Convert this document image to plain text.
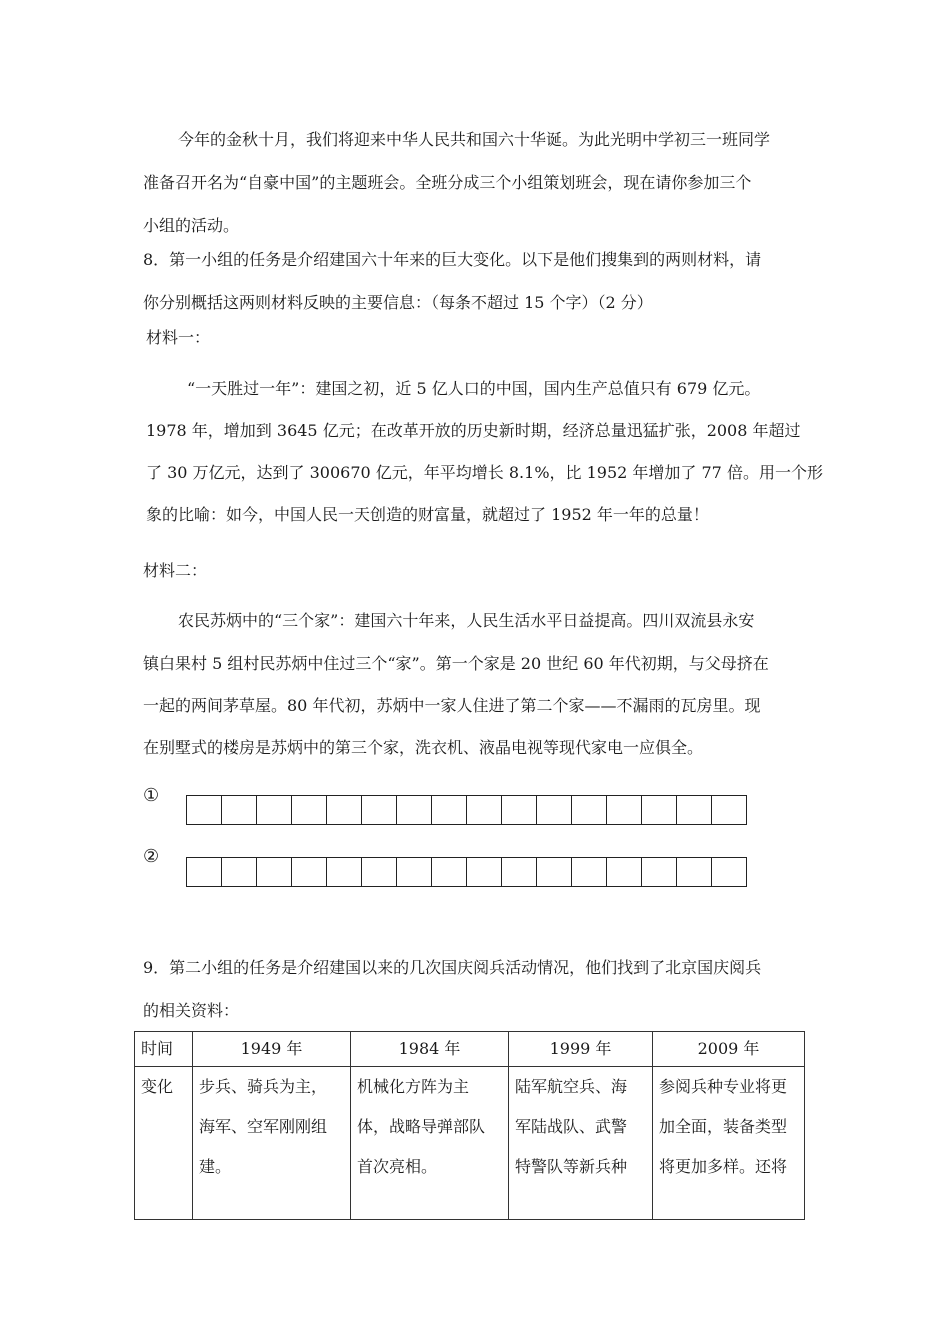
今年的金秋十月，我们将迎来中华人民共和国六十华诞。为此光明中学初三一班同学
准备召开名为“自豪中国”的主题班会。全班分成三个小组策划班会，现在请你参加三个
小组的活动。
8．第一小组的任务是介绍建国六十年来的巨大变化。以下是他们搜集到的两则材料，请
你分别概括这两则材料反映的主要信息：（每条不超过 15 个字）（2 分）
材料一：
“一天胜过一年”：建国之初，近 5 亿人口的中国，国内生产总值只有 679 亿元。
1978 年，增加到 3645 亿元；在改革开放的历史新时期，经济总量迅猛扩张，2008 年超过
了 30 万亿元，达到了 300670 亿元，年平均增长 8.1%，比 1952 年增加了 77 倍。用一个形
象的比喻：如今，中国人民一天创造的财富量，就超过了 1952 年一年的总量！
材料二：
农民苏炳中的“三个家”：建国六十年来，人民生活水平日益提高。四川双流县永安
镇白果村 5 组村民苏炳中住过三个“家”。第一个家是 20 世纪 60 年代初期，与父母挤在
一起的两间茅草屋。80 年代初，苏炳中一家人住进了第二个家——不漏雨的瓦房里。现
在别墅式的楼房是苏炳中的第三个家，洗衣机、液晶电视等现代家电一应俱全。
①
②
9．第二小组的任务是介绍建国以来的几次国庆阅兵活动情况，他们找到了北京国庆阅兵
的相关资料：
时间	1949 年	1984 年	1999 年	2009 年
变化	步兵、骑兵为主，
海军、空军刚刚组
建。	机械化方阵为主
体，战略导弹部队
首次亮相。	陆军航空兵、海
军陆战队、武警
特警队等新兵种	参阅兵种专业将更
加全面，装备类型
将更加多样。还将
